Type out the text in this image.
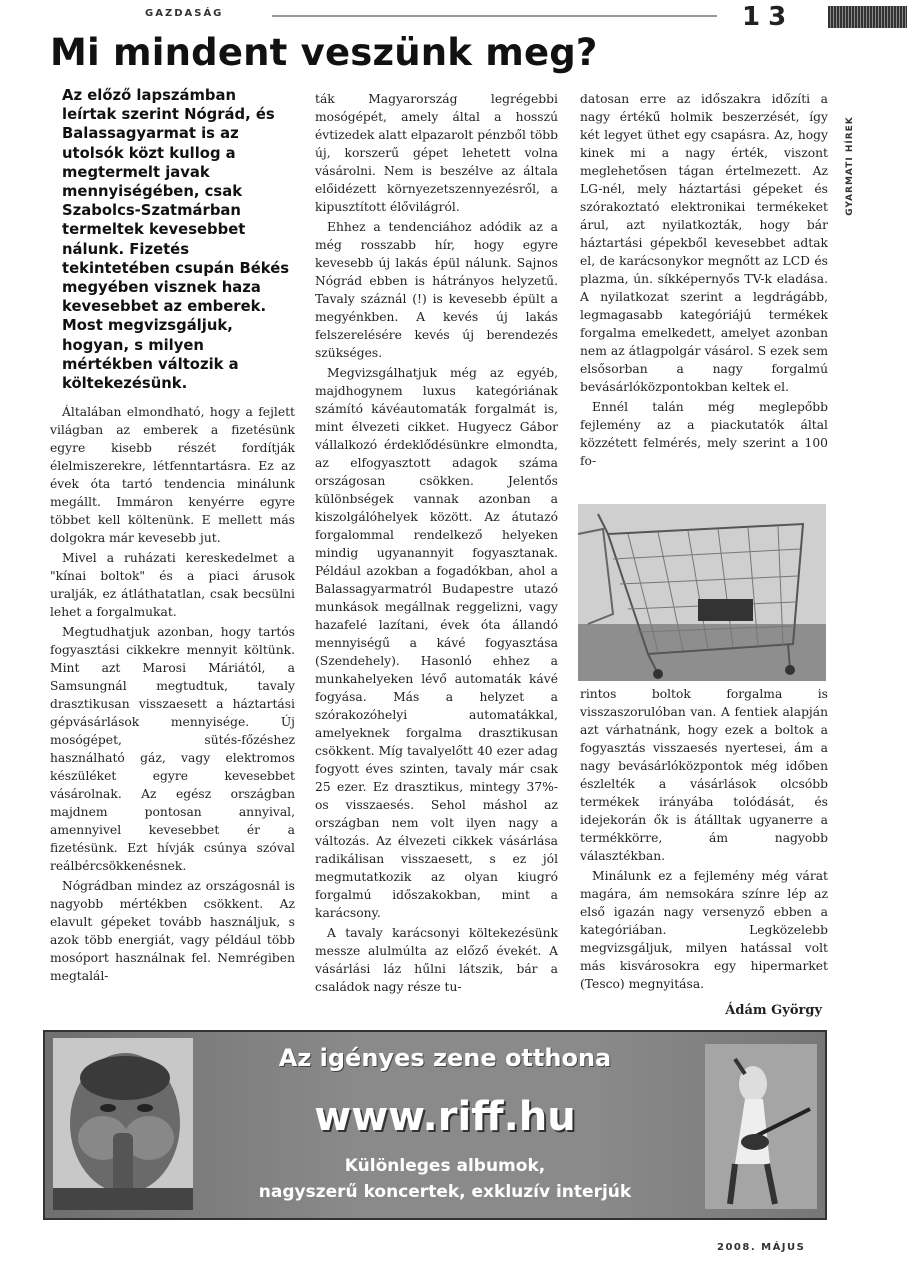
GAZDASÁG	13
Mi mindent veszünk meg?
GYARMATI HÍREK
Az előző lapszámban leírtak szerint Nógrád, és Balassagyarmat is az utolsók közt kullog a megtermelt javak mennyiségében, csak Szabolcs-Szatmárban termeltek kevesebbet nálunk. Fizetés tekintetében csupán Békés megyében visznek haza kevesebbet az emberek. Most megvizsgáljuk, hogyan, s milyen mértékben változik a költekezésünk.

Általában elmondható, hogy a fejlett világban az emberek a fizetésünk egyre kisebb részét fordítják élelmiszerekre, létfenntartásra. Ez az évek óta tartó tendencia minálunk megállt. Immáron kenyérre egyre többet kell költenünk. E mellett más dolgokra már kevesebb jut.

Mivel a ruházati kereskedelmet a "kínai boltok" és a piaci árusok uralják, ez átláthatatlan, csak becsülni lehet a forgalmukat.

Megtudhatjuk azonban, hogy tartós fogyasztási cikkekre mennyit költünk. Mint azt Marosi Máriától, a Samsungnál megtudtuk, tavaly drasztikusan visszaesett a háztartási gépvásárlások mennyisége. Új mosógépet, sütés-főzéshez használható gáz, vagy elektromos készüléket egyre kevesebbet vásárolnak. Az egész országban majdnem pontosan annyival, amennyivel kevesebbet ér a fizetésünk. Ezt hívják csúnya szóval reálbércsökkenésnek.

Nógrádban mindez az országosnál is nagyobb mértékben csökkent. Az elavult gépeket tovább használjuk, s azok több energiát, vagy például több mosóport használnak fel. Nemrégiben megtalál-

ták Magyarország legrégebbi mosógépét, amely által a hosszú évtizedek alatt elpazarolt pénzből több új, korszerű gépet lehetett volna vásárolni. Nem is beszélve az általa előidézett környezetszennyezésről, a kipusztított élővilágról.

Ehhez a tendenciához adódik az a még rosszabb hír, hogy egyre kevesebb új lakás épül nálunk. Sajnos Nógrád ebben is hátrányos helyzetű. Tavaly száznál (!) is kevesebb épült a megyénkben. A kevés új lakás felszerelésére kevés új berendezés szükséges.

Megvizsgálhatjuk még az egyéb, majdhogynem luxus kategóriának számító kávéautomaták forgalmát is, mint élvezeti cikket. Hugyecz Gábor vállalkozó érdeklődésünkre elmondta, az elfogyasztott adagok száma országosan csökken. Jelentős különbségek vannak azonban a kiszolgálóhelyek között. Az átutazó forgalommal rendelkező helyeken mindig ugyanannyit fogyasztanak. Például azokban a fogadókban, ahol a Balassagyarmatról Budapestre utazó munkások megállnak reggelizni, vagy hazafelé lazítani, évek óta állandó mennyiségű a kávé fogyasztása (Szendehely). Hasonló ehhez a munkahelyeken lévő automaták kávé fogyása. Más a helyzet a szórakozóhelyi automatákkal, amelyeknek forgalma drasztikusan csökkent. Míg tavalyelőtt 40 ezer adag fogyott éves szinten, tavaly már csak 25 ezer. Ez drasztikus, mintegy 37%-os visszaesés. Sehol máshol az országban nem volt ilyen nagy a változás. Az élvezeti cikkek vásárlása radikálisan visszaesett, s ez jól megmutatkozik az olyan kiugró forgalmú időszakokban, mint a karácsony.

A tavaly karácsonyi költekezésünk messze alulmúlta az előző évekét. A vásárlási láz hűlni látszik, bár a családok nagy része tu-

datosan erre az időszakra időzíti a nagy értékű holmik beszerzését, így két legyet üthet egy csapásra. Az, hogy kinek mi a nagy érték, viszont meglehetősen tágan értelmezett. Az LG-nél, mely háztartási gépeket és szórakoztató elektronikai termékeket árul, azt nyilatkozták, hogy bár háztartási gépekből kevesebbet adtak el, de karácsonykor megnőtt az LCD és plazma, ún. síkképernyős TV-k eladása. A nyilatkozat szerint a legdrágább, legmagasabb kategóriájú termékek forgalma emelkedett, amelyet azonban nem az átlagpolgár vásárol. S ezek sem elsősorban a nagy forgalmú bevásárlóközpontokban keltek el.

Ennél talán még meglepőbb fejlemény az a piackutatók által közzétett felmérés, mely szerint a 100 fo-

rintos boltok forgalma is visszaszorulóban van. A fentiek alapján azt várhatnánk, hogy ezek a boltok a fogyasztás visszaesés nyertesei, ám a nagy bevásárlóközpontok még időben észlelték a vásárlások olcsóbb termékek irányába tolódását, és idejekorán ők is átálltak ugyanerre a termékkörre, ám nagyobb választékban.

Minálunk ez a fejlemény még várat magára, ám nemsokára színre lép az első igazán nagy versenyző ebben a kategóriában. Legközelebb megvizsgáljuk, milyen hatással volt más kisvárosokra egy hipermarket (Tesco) megnyitása.

Ádám György
Az igényes zene otthona
www.riff.hu
Különleges albumok,
nagyszerű koncertek, exkluzív interjúk
2008. MÁJUS
